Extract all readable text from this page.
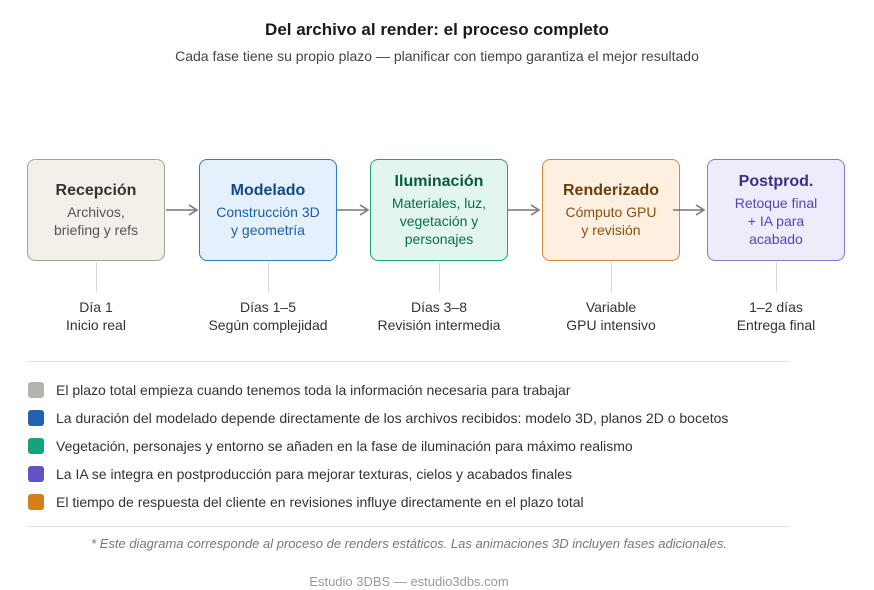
Del archivo al render: el proceso completo
Cada fase tiene su propio plazo — planificar con tiempo garantiza el mejor resultado
Recepción
Archivos,
briefing y refs
Modelado
Construcción 3D
y geometría
Iluminación
Materiales, luz,
vegetación y
personajes
Renderizado
Cómputo GPU
y revisión
Postprod.
Retoque final
+ IA para
acabado
Día 1
Inicio real
Días 1–5
Según complejidad
Días 3–8
Revisión intermedia
Variable
GPU intensivo
1–2 días
Entrega final
El plazo total empieza cuando tenemos toda la información necesaria para trabajar
La duración del modelado depende directamente de los archivos recibidos: modelo 3D, planos 2D o bocetos
Vegetación, personajes y entorno se añaden en la fase de iluminación para máximo realismo
La IA se integra en postproducción para mejorar texturas, cielos y acabados finales
El tiempo de respuesta del cliente en revisiones influye directamente en el plazo total
* Este diagrama corresponde al proceso de renders estáticos. Las animaciones 3D incluyen fases adicionales.
Estudio 3DBS — estudio3dbs.com
